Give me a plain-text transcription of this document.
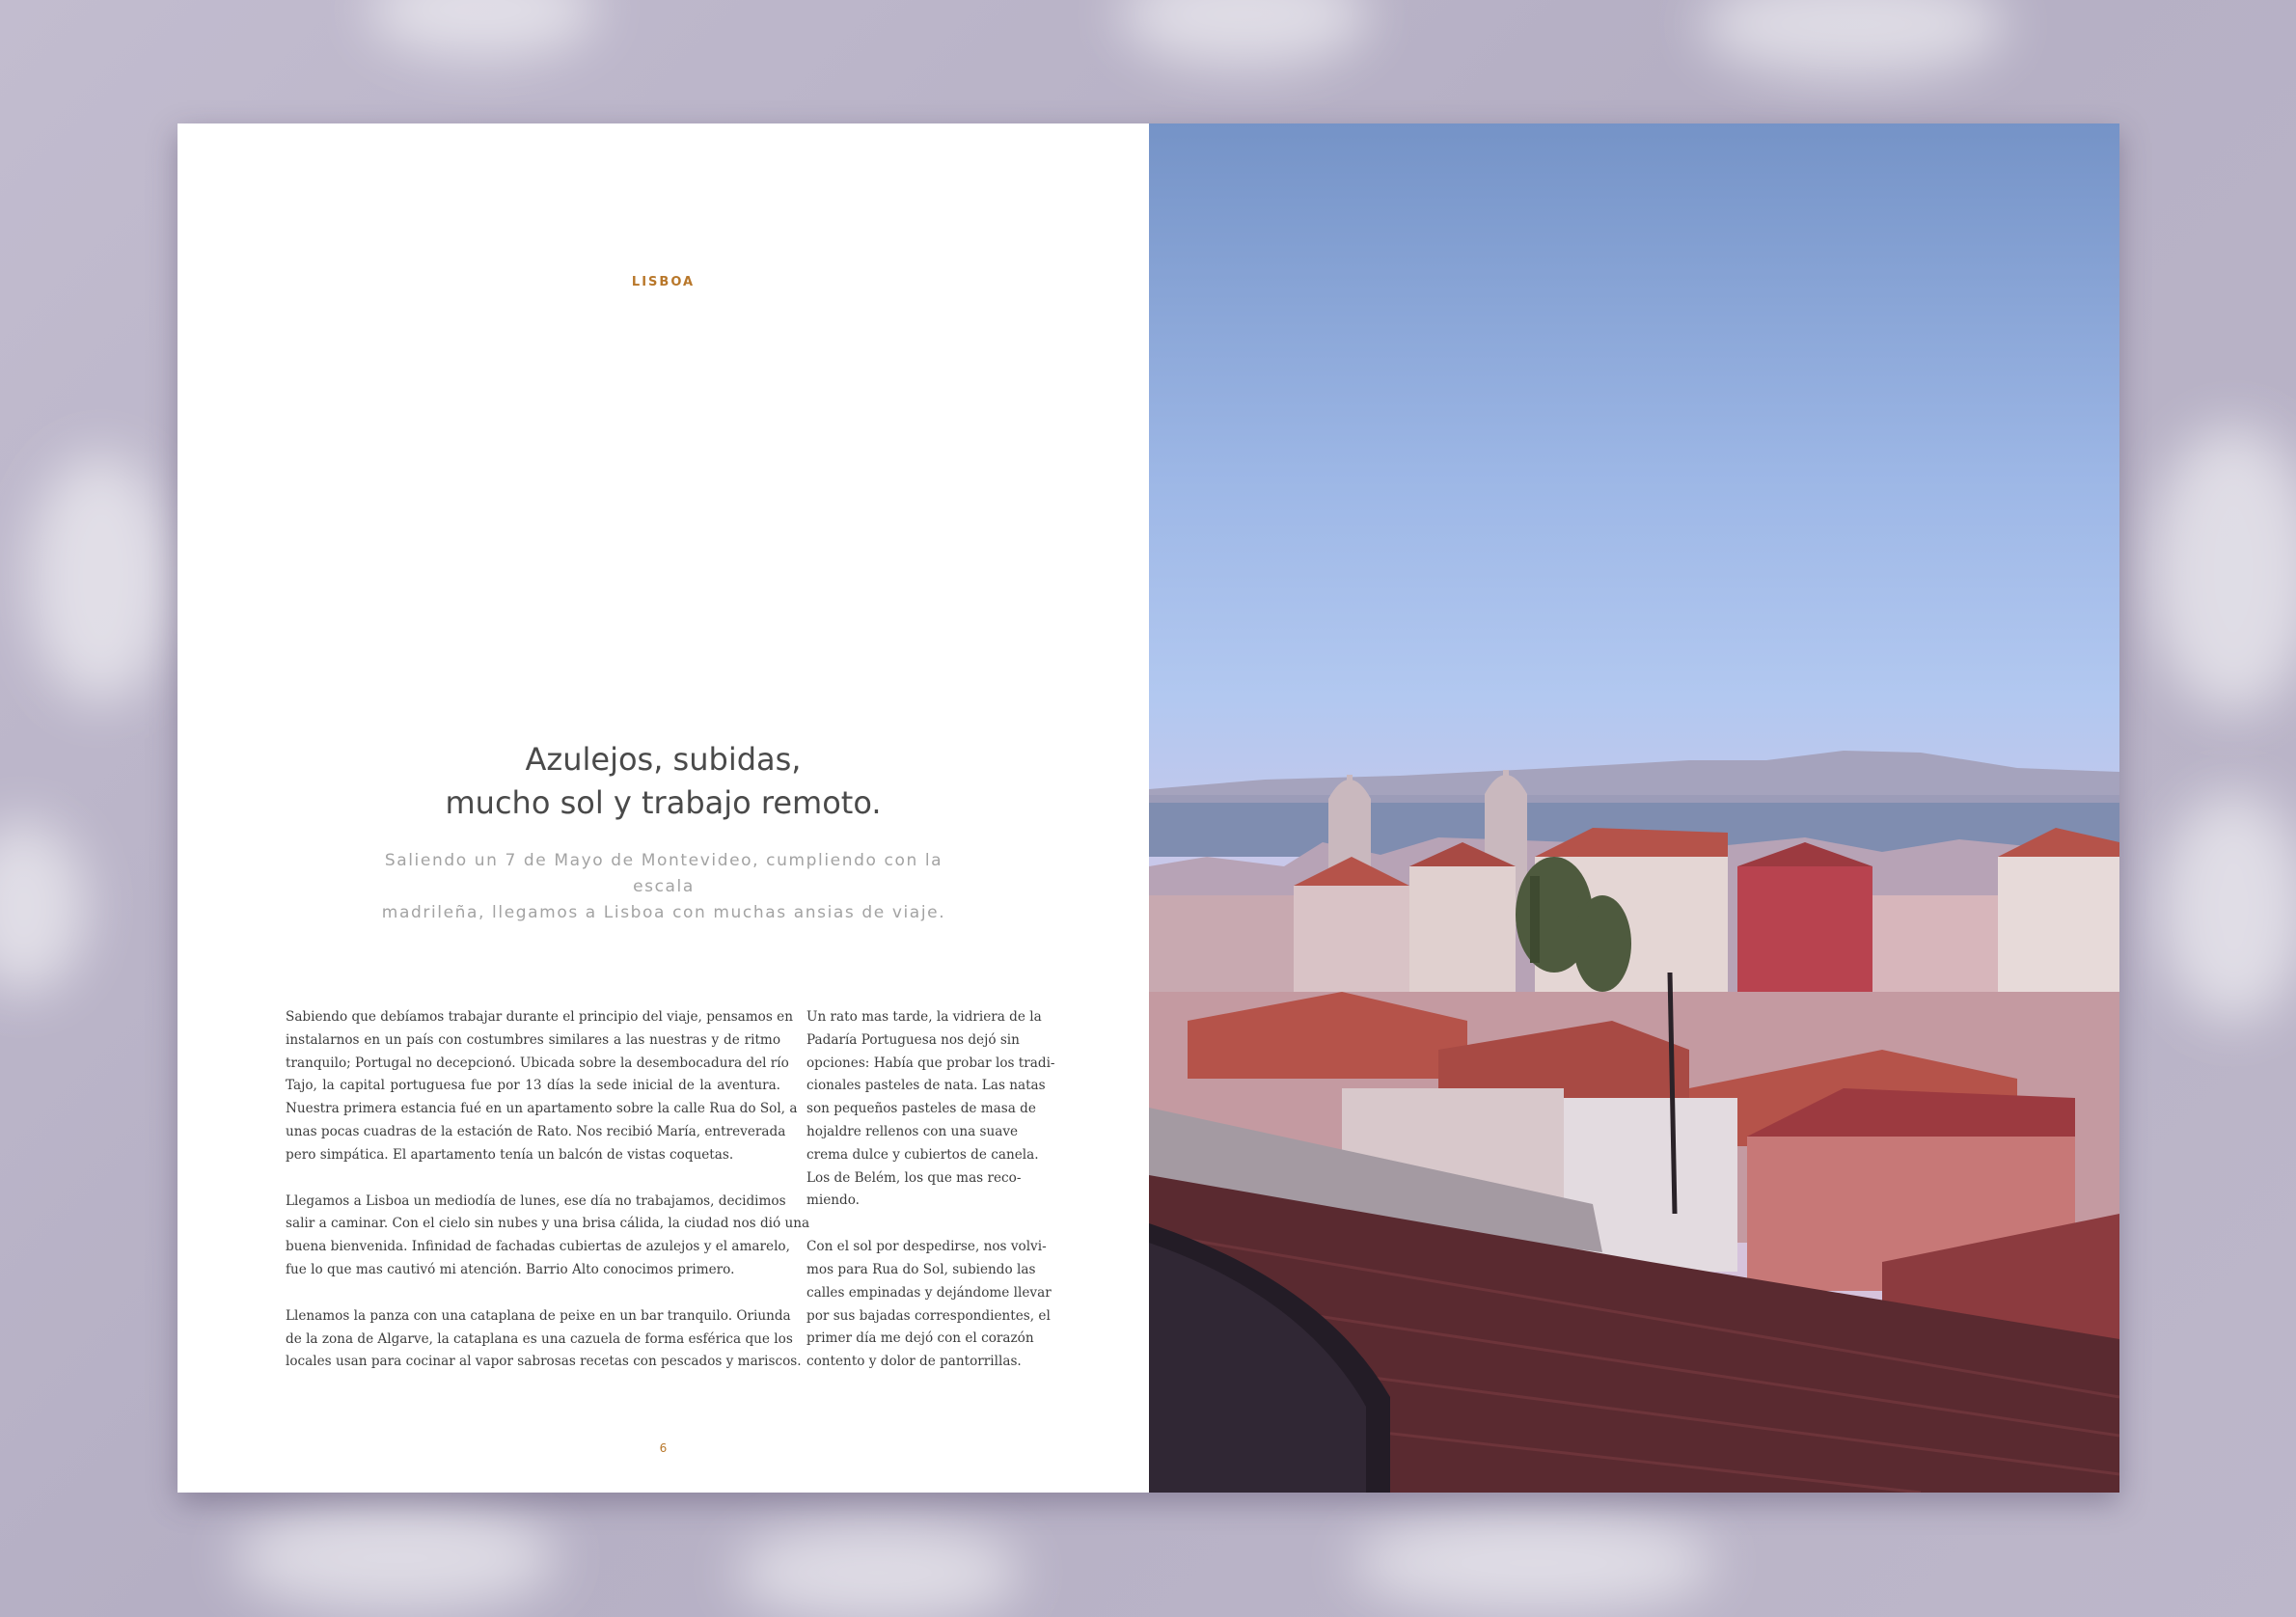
LISBOA
Azulejos, subidas,
mucho sol y trabajo remoto.
Saliendo un 7 de Mayo de Montevideo, cumpliendo con la escala
madrileña, llegamos a Lisboa con muchas ansias de viaje.

Sabiendo que debíamos trabajar durante el principio del viaje, pensamos en
instalarnos en un país con costumbres similares a las nuestras y de ritmo
tranquilo; Portugal no decepcionó. Ubicada sobre la desembocadura del río
Tajo, la capital portuguesa fue por 13 días la sede inicial de la aventura.
Nuestra primera estancia fué en un apartamento sobre la calle Rua do Sol, a
unas pocas cuadras de la estación de Rato. Nos recibió María, entreverada
pero simpática. El apartamento tenía un balcón de vistas coquetas.

Llegamos a Lisboa un mediodía de lunes, ese día no trabajamos, decidimos
salir a caminar. Con el cielo sin nubes y una brisa cálida, la ciudad nos dió una
buena bienvenida. Infinidad de fachadas cubiertas de azulejos y el amarelo,
fue lo que mas cautivó mi atención. Barrio Alto conocimos primero.

Llenamos la panza con una cataplana de peixe en un bar tranquilo. Oriunda
de la zona de Algarve, la cataplana es una cazuela de forma esférica que los
locales usan para cocinar al vapor sabrosas recetas con pescados y mariscos.

Un rato mas tarde, la vidriera de la
Padaría Portuguesa nos dejó sin
opciones: Había que probar los tradi-
cionales pasteles de nata. Las natas
son pequeños pasteles de masa de
hojaldre rellenos con una suave
crema dulce y cubiertos de canela.
Los de Belém, los que mas reco-
miendo.

Con el sol por despedirse, nos volvi-
mos para Rua do Sol, subiendo las
calles empinadas y dejándome llevar
por sus bajadas correspondientes, el
primer día me dejó con el corazón
contento y dolor de pantorrillas.

6
